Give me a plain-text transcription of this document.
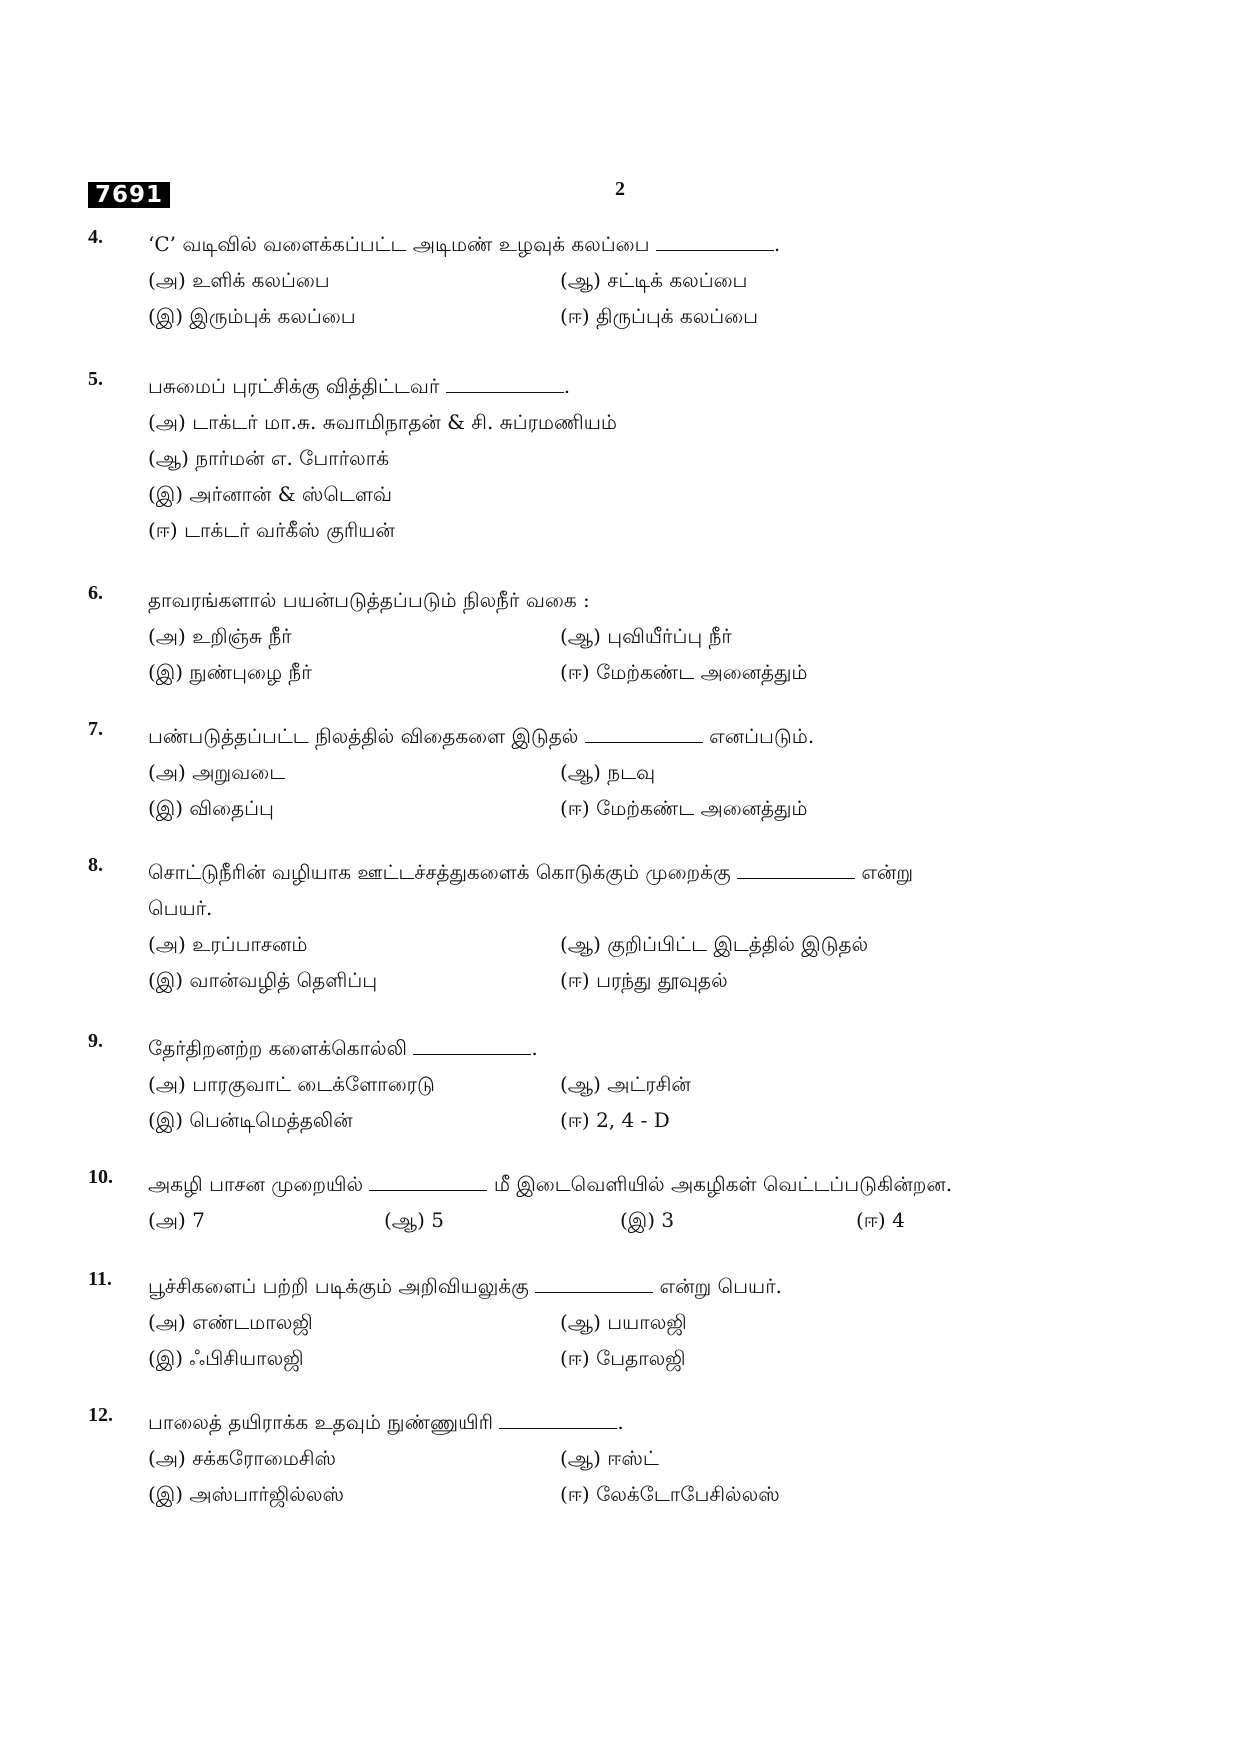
7691	2
4. ‘C’ வடிவில் வளைக்கப்பட்ட அடிமண் உழவுக் கலப்பை	.
(அ) உளிக் கலப்பை	(ஆ) சட்டிக் கலப்பை
(இ) இரும்புக் கலப்பை	(ஈ) திருப்புக் கலப்பை
5. பசுமைப் புரட்சிக்கு வித்திட்டவர்	.
(அ) டாக்டர் மா.சு. சுவாமிநாதன் & சி. சுப்ரமணியம்
(ஆ) நார்மன் எ. போர்லாக்
(இ) அர்னான் & ஸ்டௌவ்
(ஈ) டாக்டர் வர்கீஸ் குரியன்
6. தாவரங்களால் பயன்படுத்தப்படும் நிலநீர் வகை :
(அ) உறிஞ்சு நீர்	(ஆ) புவியீர்ப்பு நீர்
(இ) நுண்புழை நீர்	(ஈ) மேற்கண்ட அனைத்தும்
7. பண்படுத்தப்பட்ட நிலத்தில் விதைகளை இடுதல்	எனப்படும்.
(அ) அறுவடை	(ஆ) நடவு
(இ) விதைப்பு	(ஈ) மேற்கண்ட அனைத்தும்
8. சொட்டுநீரின் வழியாக ஊட்டச்சத்துகளைக் கொடுக்கும் முறைக்கு	என்று
பெயர்.
(அ) உரப்பாசனம்	(ஆ) குறிப்பிட்ட இடத்தில் இடுதல்
(இ) வான்வழித் தெளிப்பு	(ஈ) பரந்து தூவுதல்
9. தேர்திறனற்ற களைக்கொல்லி	.
(அ) பாரகுவாட் டைக்ளோரைடு	(ஆ) அட்ரசின்
(இ) பென்டிமெத்தலின்	(ஈ) 2, 4 - D
10. அகழி பாசன முறையில்	மீ இடைவெளியில் அகழிகள் வெட்டப்படுகின்றன.
(அ) 7	(ஆ) 5	(இ) 3	(ஈ) 4
11. பூச்சிகளைப் பற்றி படிக்கும் அறிவியலுக்கு	என்று பெயர்.
(அ) எண்டமாலஜி	(ஆ) பயாலஜி
(இ) ஃபிசியாலஜி	(ஈ) பேதாலஜி
12. பாலைத் தயிராக்க உதவும் நுண்ணுயிரி	.
(அ) சக்கரோமைசிஸ்	(ஆ) ஈஸ்ட்
(இ) அஸ்பார்ஜில்லஸ்	(ஈ) லேக்டோபேசில்லஸ்
